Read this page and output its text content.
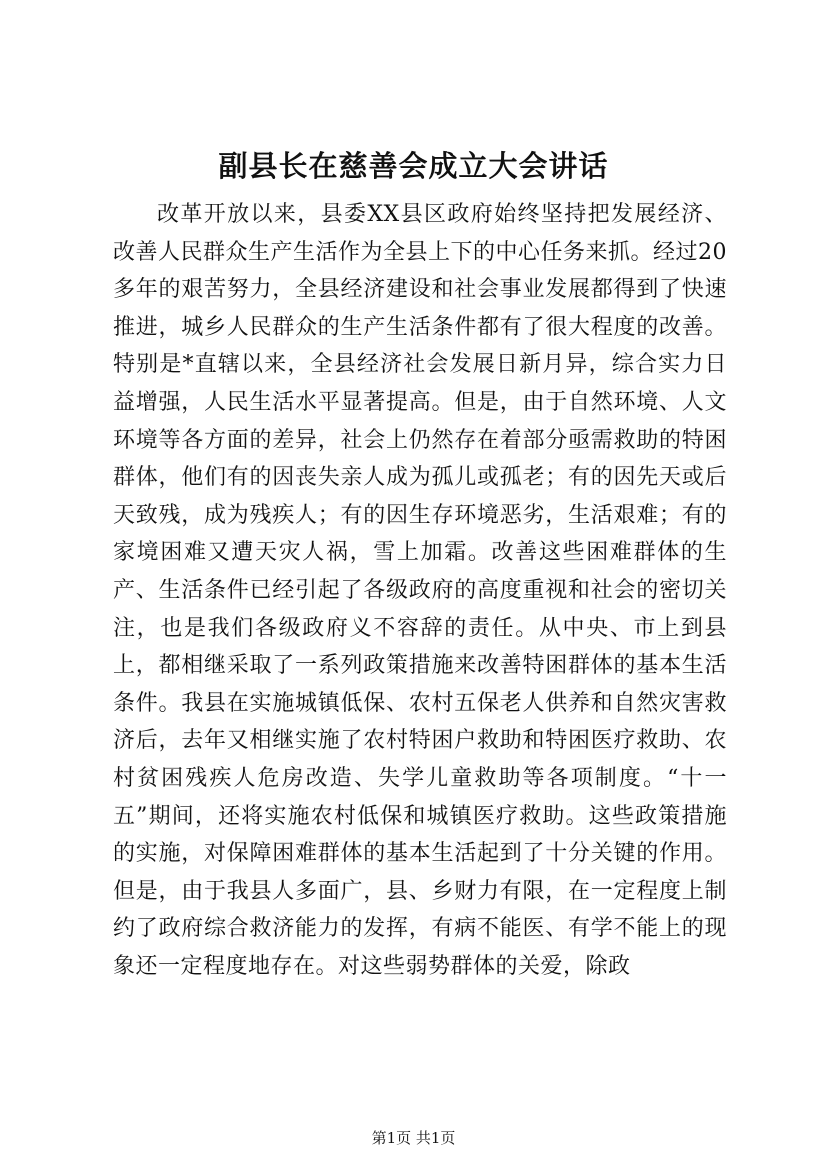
副县长在慈善会成立大会讲话

改革开放以来，县委XX县区政府始终坚持把发展经济、改善人民群众生产生活作为全县上下的中心任务来抓。经过20多年的艰苦努力，全县经济建设和社会事业发展都得到了快速推进，城乡人民群众的生产生活条件都有了很大程度的改善。特别是*直辖以来，全县经济社会发展日新月异，综合实力日益增强，人民生活水平显著提高。但是，由于自然环境、人文环境等各方面的差异，社会上仍然存在着部分亟需救助的特困群体，他们有的因丧失亲人成为孤儿或孤老；有的因先天或后天致残，成为残疾人；有的因生存环境恶劣，生活艰难；有的家境困难又遭天灾人祸，雪上加霜。改善这些困难群体的生产、生活条件已经引起了各级政府的高度重视和社会的密切关注，也是我们各级政府义不容辞的责任。从中央、市上到县上，都相继采取了一系列政策措施来改善特困群体的基本生活条件。我县在实施城镇低保、农村五保老人供养和自然灾害救济后，去年又相继实施了农村特困户救助和特困医疗救助、农村贫困残疾人危房改造、失学儿童救助等各项制度。“十一五”期间，还将实施农村低保和城镇医疗救助。这些政策措施的实施，对保障困难群体的基本生活起到了十分关键的作用。但是，由于我县人多面广，县、乡财力有限，在一定程度上制约了政府综合救济能力的发挥，有病不能医、有学不能上的现象还一定程度地存在。对这些弱势群体的关爱，除政

第1页 共1页
